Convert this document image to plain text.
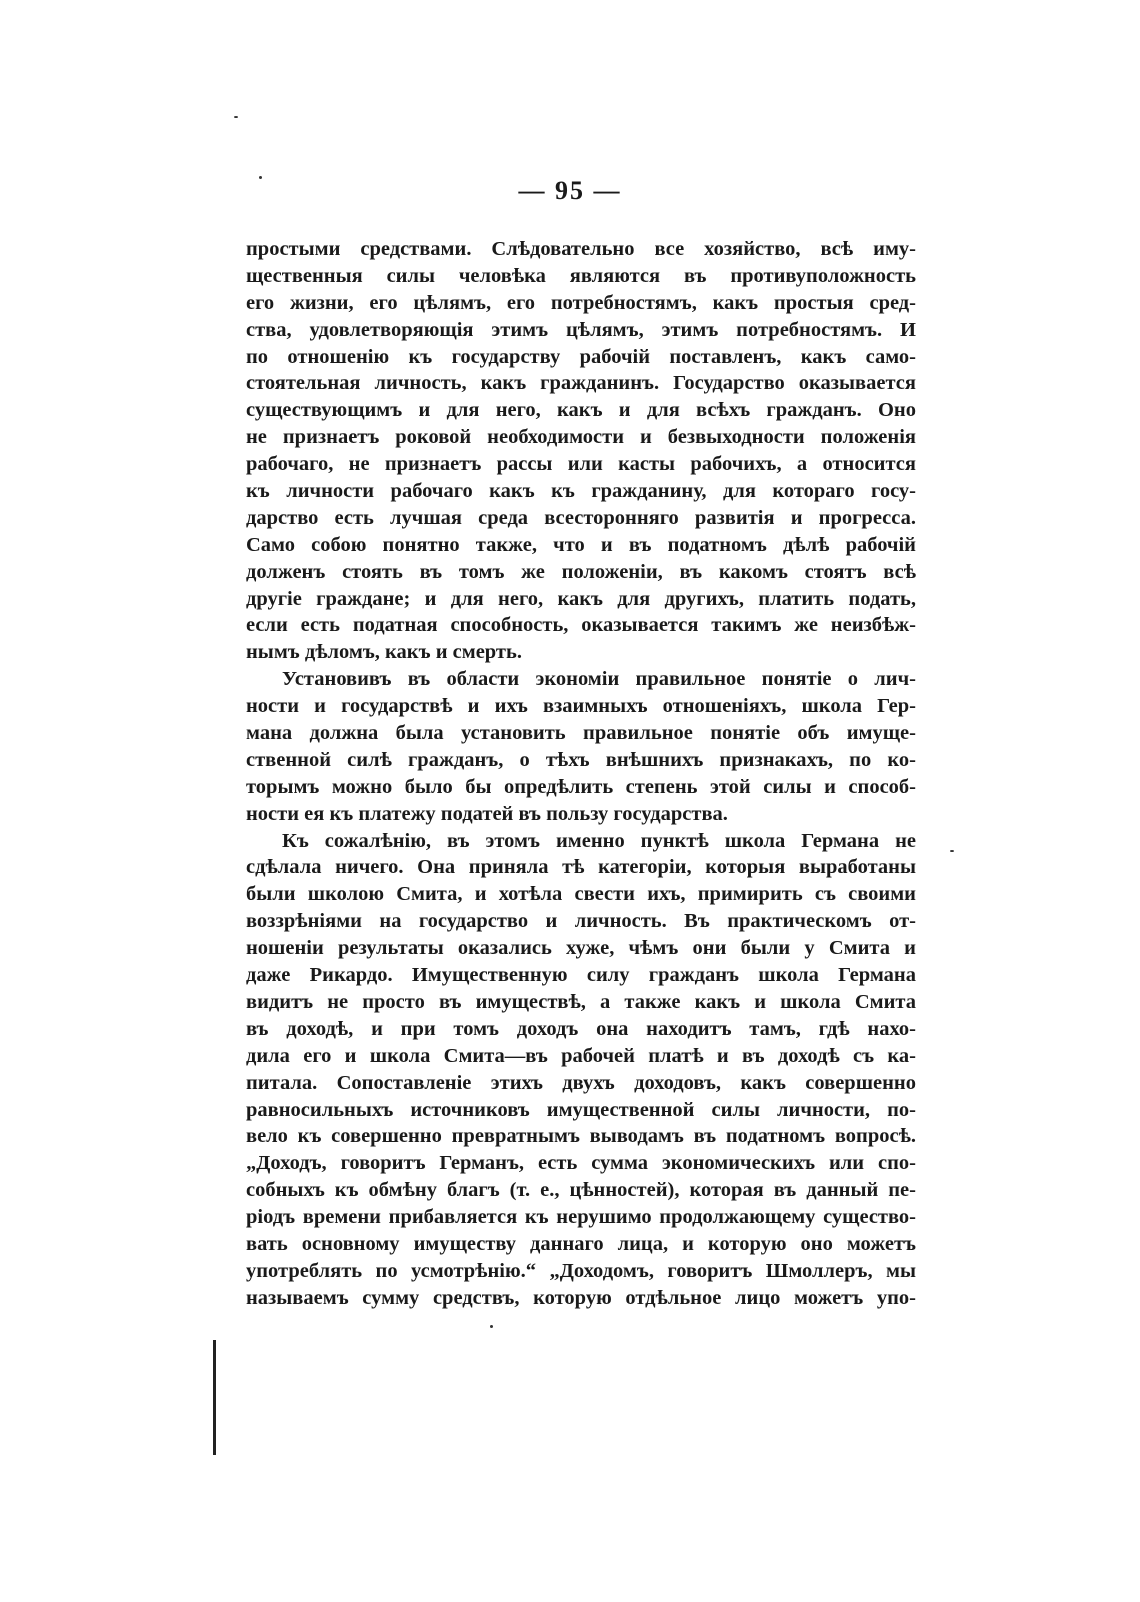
— 95 —
простыми средствами. Слѣдовательно все хозяйство, всѣ иму-
щественныя силы человѣка являются въ противуположность
его жизни, его цѣлямъ, его потребностямъ, какъ простыя сред-
ства, удовлетворяющія этимъ цѣлямъ, этимъ потребностямъ. И
по отношенію къ государству рабочій поставленъ, какъ само-
стоятельная личность, какъ гражданинъ. Государство оказывается
существующимъ и для него, какъ и для всѣхъ гражданъ. Оно
не признаетъ роковой необходимости и безвыходности положенія
рабочаго, не признаетъ рассы или касты рабочихъ, а относится
къ личности рабочаго какъ къ гражданину, для котораго госу-
дарство есть лучшая среда всесторонняго развитія и прогресса.
Само собою понятно также, что и въ податномъ дѣлѣ рабочій
долженъ стоять въ томъ же положеніи, въ какомъ стоятъ всѣ
другіе граждане; и для него, какъ для другихъ, платить подать,
если есть податная способность, оказывается такимъ же неизбѣж-
нымъ дѣломъ, какъ и смерть.
Установивъ въ области экономіи правильное понятіе о лич-
ности и государствѣ и ихъ взаимныхъ отношеніяхъ, школа Гер-
мана должна была установить правильное понятіе объ имуще-
ственной силѣ гражданъ, о тѣхъ внѣшнихъ признакахъ, по ко-
торымъ можно было бы опредѣлить степень этой силы и способ-
ности ея къ платежу податей въ пользу государства.
Къ сожалѣнію, въ этомъ именно пунктѣ школа Германа не
сдѣлала ничего. Она приняла тѣ категоріи, которыя выработаны
были школою Смита, и хотѣла свести ихъ, примирить съ своими
воззрѣніями на государство и личность. Въ практическомъ от-
ношеніи результаты оказались хуже, чѣмъ они были у Смита и
даже Рикардо. Имущественную силу гражданъ школа Германа
видитъ не просто въ имуществѣ, а также какъ и школа Смита
въ доходѣ, и при томъ доходъ она находитъ тамъ, гдѣ нахо-
дила его и школа Смита—въ рабочей платѣ и въ доходѣ съ ка-
питала. Сопоставленіе этихъ двухъ доходовъ, какъ совершенно
равносильныхъ источниковъ имущественной силы личности, по-
вело къ совершенно превратнымъ выводамъ въ податномъ вопросѣ.
„Доходъ, говоритъ Германъ, есть сумма экономическихъ или спо-
собныхъ къ обмѣну благъ (т. е., цѣнностей), которая въ данный пе-
ріодъ времени прибавляется къ нерушимо продолжающему существо-
вать основному имуществу даннаго лица, и которую оно можетъ
употреблять по усмотрѣнію.“ „Доходомъ, говоритъ Шмоллеръ, мы
называемъ сумму средствъ, которую отдѣльное лицо можетъ упо-
